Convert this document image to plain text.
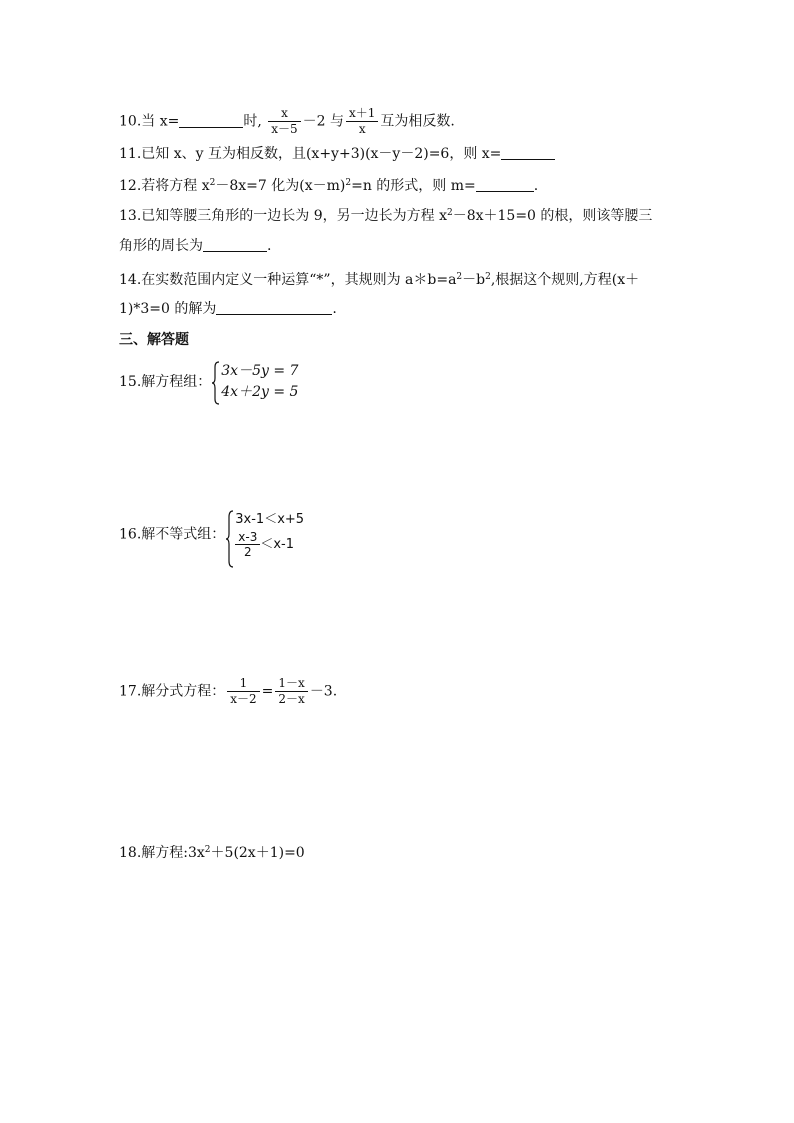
10.当 x=	时, $\frac{x}{x-5} -2$ 与 $\frac{x+1}{x}$ 互为相反数.
11.已知 x、y 互为相反数，且(x+y+3)(x－y－2)=6，则 x=
12.若将方程 $x^2-8x=7$ 化为$(x-m)^2=n$ 的形式，则 m=	.
13.已知等腰三角形的一边长为 9，另一边长为方程 $x^2-8x+15=0$ 的根，则该等腰三
角形的周长为	.
14.在实数范围内定义一种运算“*”，其规则为 $a*b=a^2-b^2$,根据这个规则,方程(x＋
1)*3=0 的解为	.
三、解答题
15.解方程组：
3x－5y = 7
4x＋2y = 5
16.解不等式组：
3x-1＜x+5
$\frac{x-3}{2} <x-1$
17.解分式方程： $\frac{1}{x-2} = \frac{1-x}{2-x} -3$.
18.解方程$:3x^2+5(2x+1)=0$
